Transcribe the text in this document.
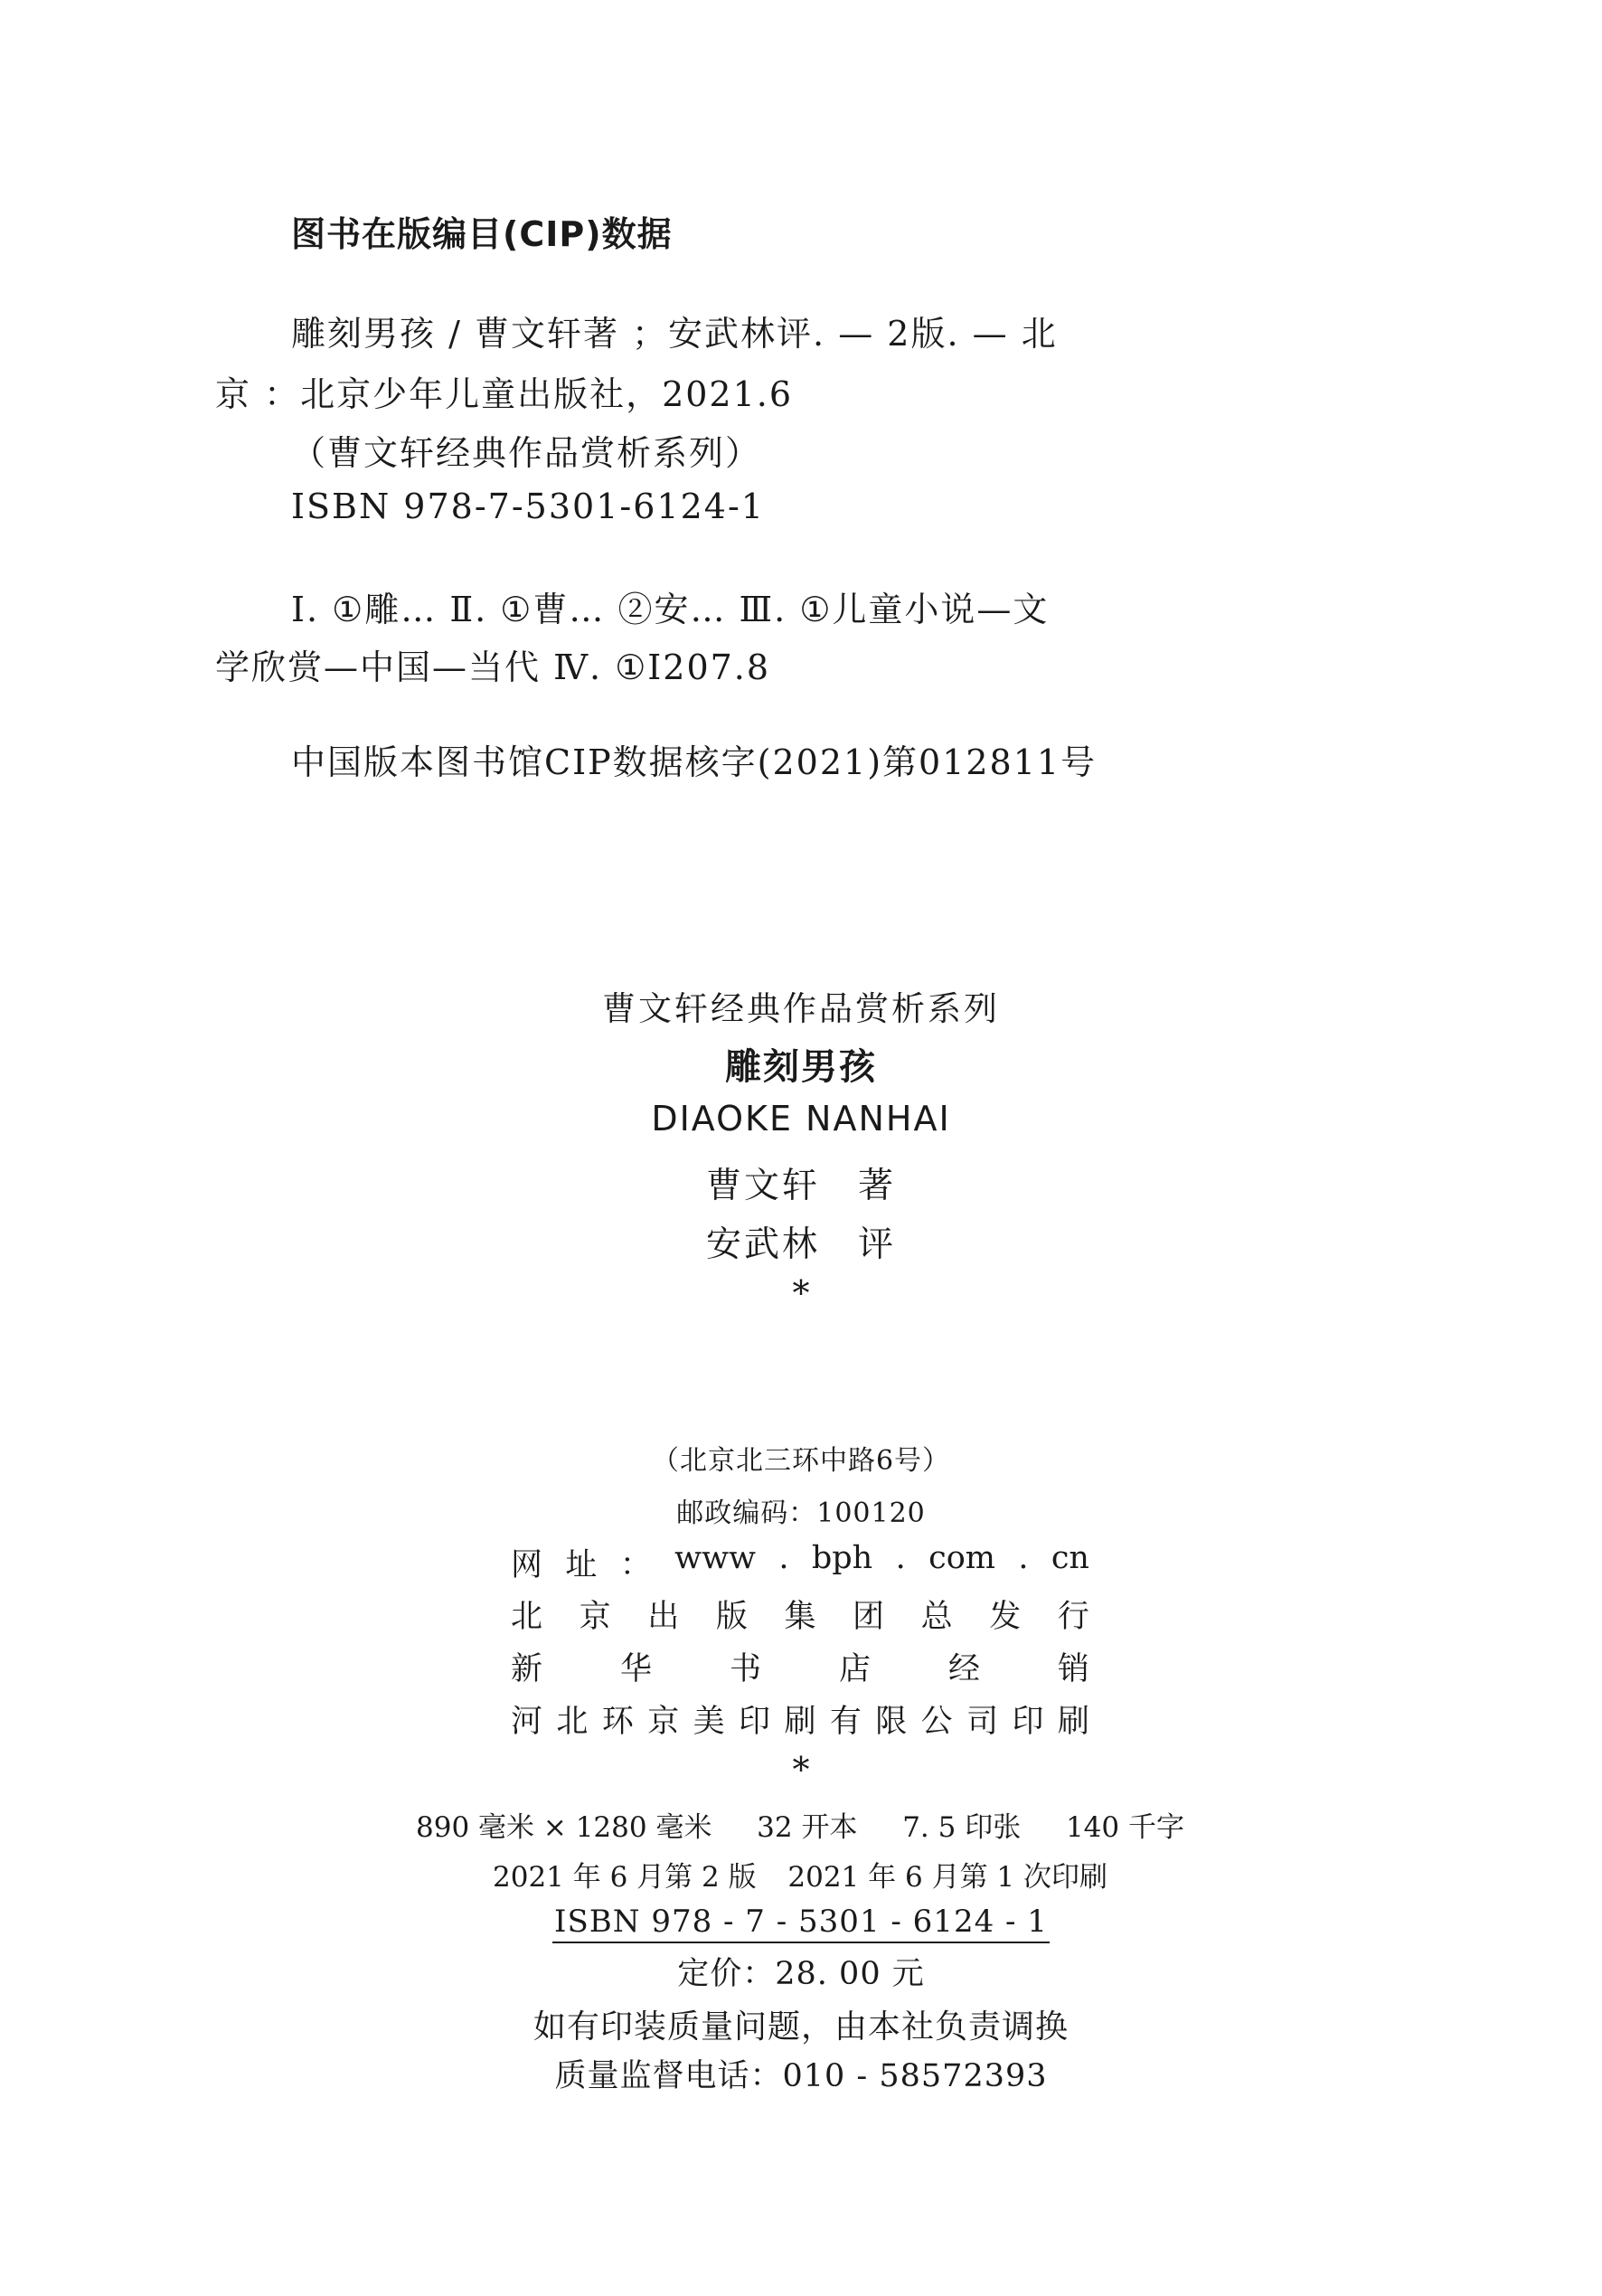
图书在版编目(CIP)数据
雕刻男孩 / 曹文轩著 ；安武林评. — 2版. — 北
京 ：北京少年儿童出版社，2021.6
（曹文轩经典作品赏析系列）
ISBN 978-7-5301-6124-1
Ⅰ. ①雕… Ⅱ. ①曹… ②安… Ⅲ. ①儿童小说—文
学欣赏—中国—当代 Ⅳ. ①I207.8
中国版本图书馆CIP数据核字(2021)第012811号
曹文轩经典作品赏析系列
雕刻男孩
DIAOKE NANHAI
曹文轩　著
安武林　评
*
（北京北三环中路6号）
邮政编码：100120
网 址 ： www . bph . com . cn
北 京 出 版 集 团 总 发 行
新 华 书 店 经 销
河 北 环 京 美 印 刷 有 限 公 司 印 刷
*
890 毫米 × 1280 毫米 32 开本 7. 5 印张 140 千字
2021 年 6 月第 2 版 2021 年 6 月第 1 次印刷
ISBN 978 - 7 - 5301 - 6124 - 1
定价：28. 00 元
如有印装质量问题，由本社负责调换
质量监督电话：010 - 58572393
